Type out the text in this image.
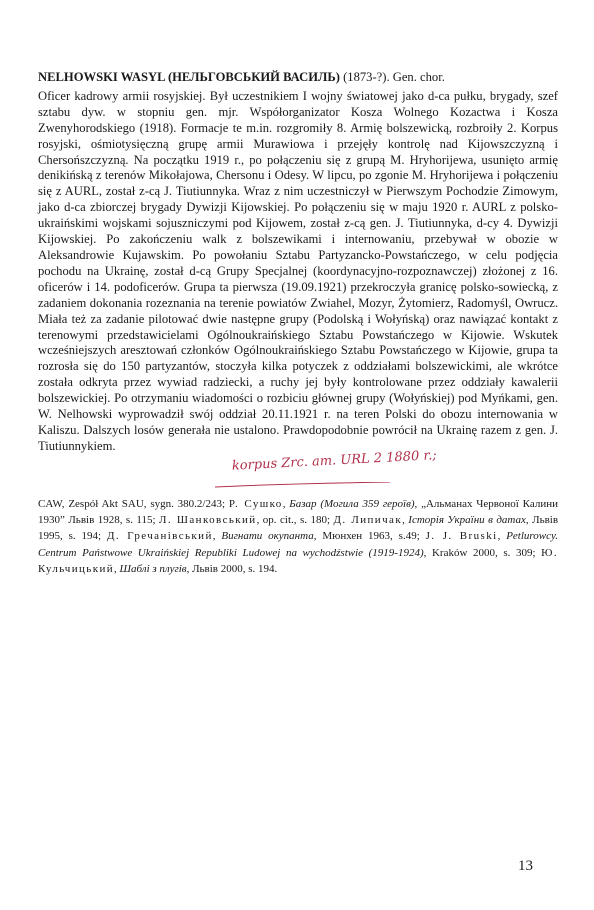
NELHOWSKI WASYL (НЕЛЬГОВСЬКИЙ ВАСИЛЬ) (1873-?). Gen. chor.

Oficer kadrowy armii rosyjskiej. Był uczestnikiem I wojny światowej jako d-ca pułku, brygady, szef sztabu dyw. w stopniu gen. mjr. Współorganizator Kosza Wolnego Kozactwa i Kosza Zwenyhorodskiego (1918). Formacje te m.in. rozgromiły 8. Armię bolszewicką, rozbroiły 2. Korpus rosyjski, ośmiotysięczną grupę armii Murawiowa i przejęły kontrolę nad Kijowszczyzną i Chersońszczyzną. Na początku 1919 r., po połączeniu się z grupą M. Hryhorijewa, usunięto armię denikińską z terenów Mikołajowa, Chersonu i Odesy. W lipcu, po zgonie M. Hryhorijewa i połączeniu się z AURL, został z-cą J. Tiutiunnyka. Wraz z nim uczestniczył w Pierwszym Pochodzie Zimowym, jako d-ca zbiorczej brygady Dywizji Kijowskiej. Po połączeniu się w maju 1920 r. AURL z polsko-ukraińskimi wojskami sojuszniczymi pod Kijowem, został z-cą gen. J. Tiutiunnyka, d-cy 4. Dywizji Kijowskiej. Po zakończeniu walk z bolszewikami i internowaniu, przebywał w obozie w Aleksandrowie Kujawskim. Po powołaniu Sztabu Partyzancko-Powstańczego, w celu podjęcia pochodu na Ukrainę, został d-cą Grupy Specjalnej (koordynacyjno-rozpoznawczej) złożonej z 16. oficerów i 14. podoficerów. Grupa ta pierwsza (19.09.1921) przekroczyła granicę polsko-sowiecką, z zadaniem dokonania rozeznania na terenie powiatów Zwiahel, Mozyr, Żytomierz, Radomyśl, Owrucz. Miała też za zadanie pilotować dwie następne grupy (Podolską i Wołyńską) oraz nawiązać kontakt z terenowymi przedstawicielami Ogólnoukraińskiego Sztabu Powstańczego w Kijowie. Wskutek wcześniejszych aresztowań członków Ogólnoukraińskiego Sztabu Powstańczego w Kijowie, grupa ta rozrosła się do 150 partyzantów, stoczyła kilka potyczek z oddziałami bolszewickimi, ale wkrótce została odkryta przez wywiad radziecki, a ruchy jej były kontrolowane przez oddziały kawalerii bolszewickiej. Po otrzymaniu wiadomości o rozbiciu głównej grupy (Wołyńskiej) pod Myńkami, gen. W. Nelhowski wyprowadził swój oddział 20.11.1921 r. na teren Polski do obozu internowania w Kaliszu. Dalszych losów generała nie ustalono. Prawdopodobnie powrócił na Ukrainę razem z gen. J. Tiutiunnykiem.

korpus Zrc. am. URL 2 1880 r.;

CAW, Zespół Akt SAU, sygn. 380.2/243; Р. Сушко, Базар (Могила 359 героїв), „Альманах Червоної Калини 1930” Львів 1928, s. 115; Л. Шанковський, op. cit., s. 180; Д. Липичак, Історія України в датах, Львів 1995, s. 194; Д. Гречанівський, Вигнати окупанта, Мюнхен 1963, s.49; J. J. Bruski, Petlurowcy. Centrum Państwowe Ukraińskiej Republiki Ludowej na wychodźstwie (1919-1924), Kraków 2000, s. 309; Ю. Кульчицький, Шаблі з плугів, Львів 2000, s. 194.

13
